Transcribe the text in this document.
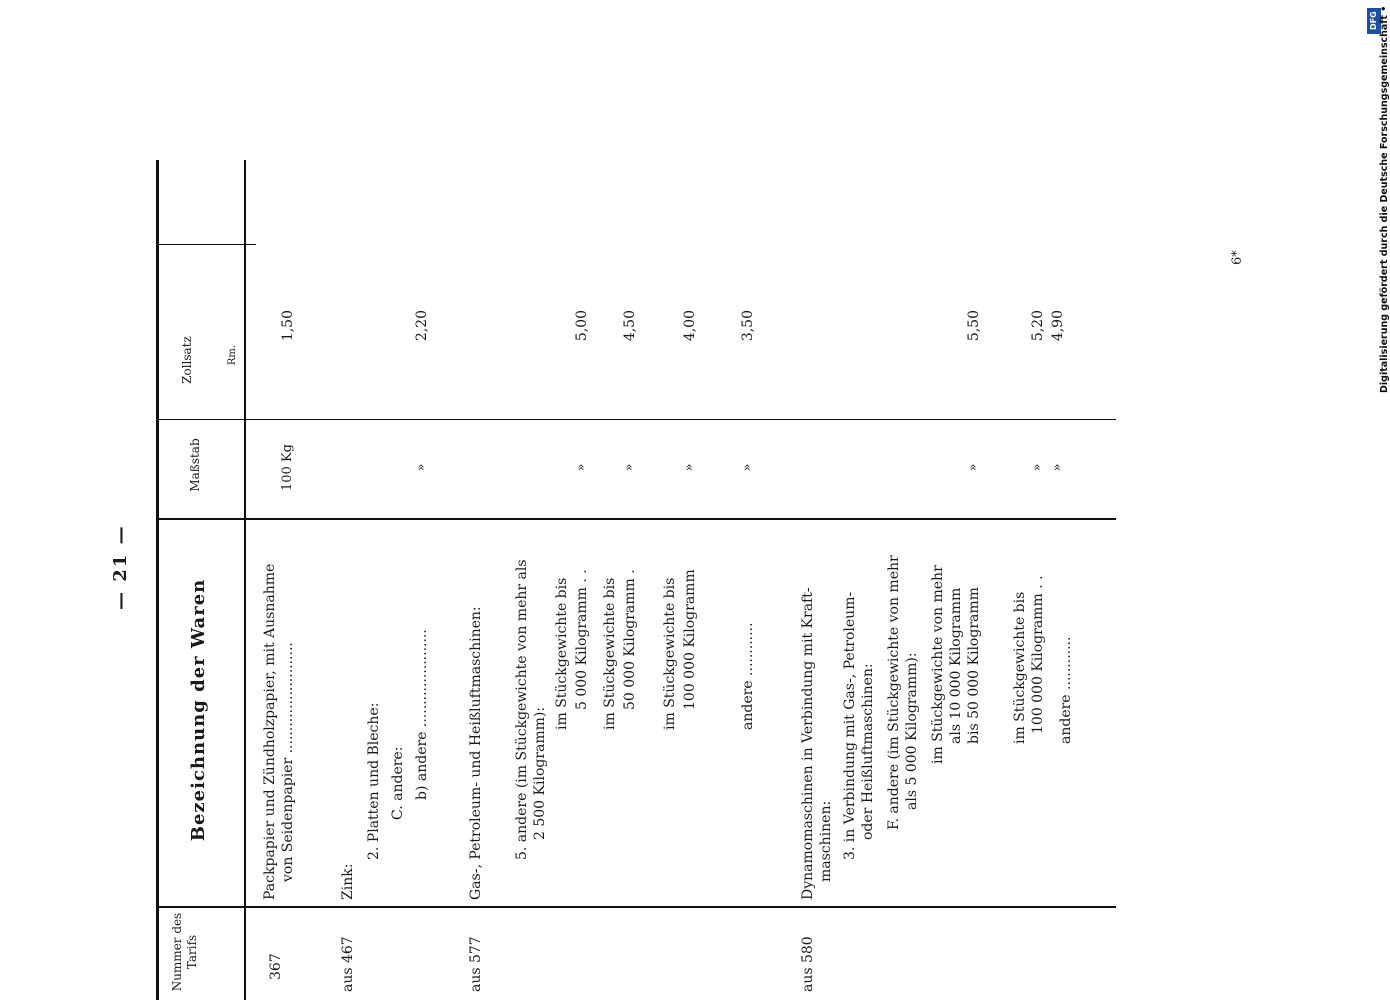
— 21 —
Nummer des Tarifs
Bezeichnung der Waren
Maßstab
Zollsatz	Rm.
367
Packpapier und Zündholzpapier, mit Ausnahme von Seidenpapier .........................
100 Kg
1,50
aus 467
Zink:
2. Platten und Bleche: C. andere: b) andere ......................
»
2,20
aus 577
Gas-, Petroleum- und Heißluftmaschinen: 5. andere (im Stückgewichte von mehr als 2 500 Kilogramm):
im Stückgewichte bis 5 000 Kilogramm . .
»
5,00
im Stückgewichte bis 50 000 Kilogramm .
»
4,50
im Stückgewichte bis 100 000 Kilogramm
»
4,00
andere ............
»
3,50
aus 580
Dynamomaschinen in Verbindung mit Kraft- maschinen: 3. in Verbindung mit Gas-, Petroleum- oder Heißluftmaschinen: F. andere (im Stückgewichte von mehr als 5 000 Kilogramm): im Stückgewichte von mehr als 10 000 Kilogramm bis 50 000 Kilogramm
»
5,50
im Stückgewichte bis 100 000 Kilogramm . .
»
5,20
andere ............
»
4,90
6*
DFG Digitalisierung gefördert durch die Deutsche Forschungsgemeinschaft •
